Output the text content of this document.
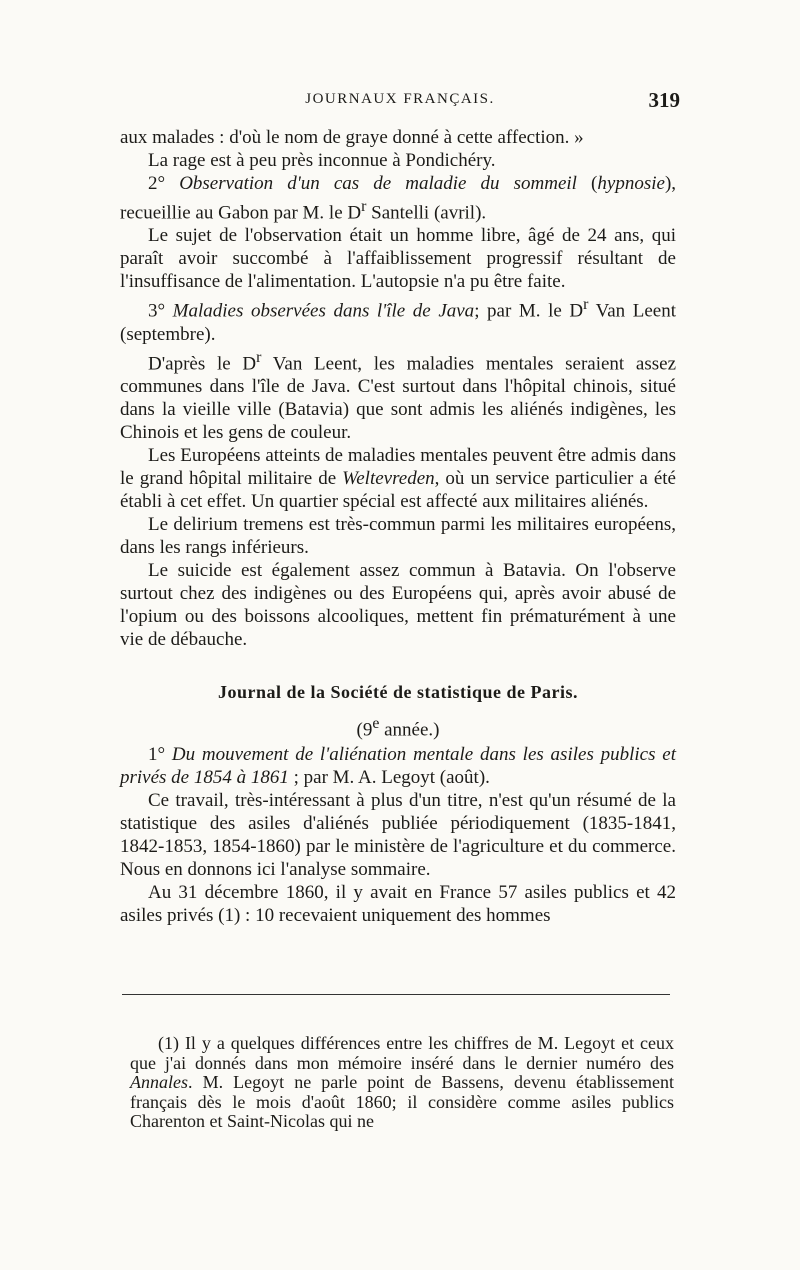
JOURNAUX FRANÇAIS.	319

aux malades : d'où le nom de graye donné à cette affection. »

La rage est à peu près inconnue à Pondichéry.

2° Observation d'un cas de maladie du sommeil (hypnosie), recueillie au Gabon par M. le $D^r$ Santelli (avril).

Le sujet de l'observation était un homme libre, âgé de 24 ans, qui paraît avoir succombé à l'affaiblissement progressif résultant de l'insuffisance de l'alimentation. L'autopsie n'a pu être faite.

3° Maladies observées dans l'île de Java; par M. le $D^r$ Van Leent (septembre).

D'après le $D^r$ Van Leent, les maladies mentales seraient assez communes dans l'île de Java. C'est surtout dans l'hôpital chinois, situé dans la vieille ville (Batavia) que sont admis les aliénés indigènes, les Chinois et les gens de couleur.

Les Européens atteints de maladies mentales peuvent être admis dans le grand hôpital militaire de Weltevreden, où un service particulier a été établi à cet effet. Un quartier spécial est affecté aux militaires aliénés.

Le delirium tremens est très-commun parmi les militaires européens, dans les rangs inférieurs.

Le suicide est également assez commun à Batavia. On l'observe surtout chez des indigènes ou des Européens qui, après avoir abusé de l'opium ou des boissons alcooliques, mettent fin prématurément à une vie de débauche.

Journal de la Société de statistique de Paris.
(9e année.)

1° Du mouvement de l'aliénation mentale dans les asiles publics et privés de 1854 à 1861 ; par M. A. Legoyt (août).

Ce travail, très-intéressant à plus d'un titre, n'est qu'un résumé de la statistique des asiles d'aliénés publiée périodiquement (1835-1841, 1842-1853, 1854-1860) par le ministère de l'agriculture et du commerce. Nous en donnons ici l'analyse sommaire.

Au 31 décembre 1860, il y avait en France 57 asiles publics et 42 asiles privés (1) : 10 recevaient uniquement des hommes

(1) Il y a quelques différences entre les chiffres de M. Legoyt et ceux que j'ai donnés dans mon mémoire inséré dans le dernier numéro des Annales. M. Legoyt ne parle point de Bassens, devenu établissement français dès le mois d'août 1860; il considère comme asiles publics Charenton et Saint-Nicolas qui ne
